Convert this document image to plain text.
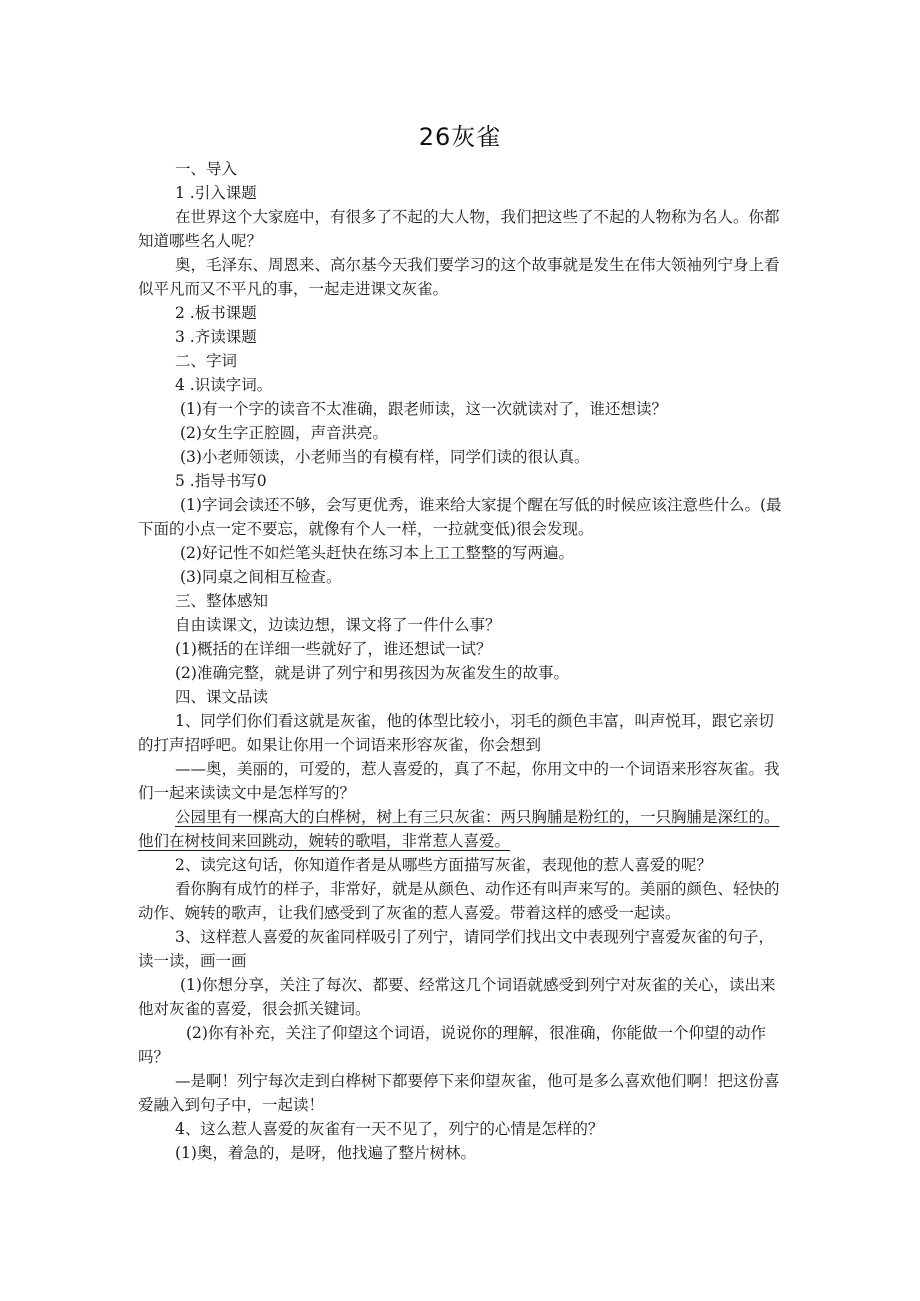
26灰雀

一、导入

1 .引入课题

在世界这个大家庭中，有很多了不起的大人物，我们把这些了不起的人物称为名人。你都知道哪些名人呢？

奥，毛泽东、周恩来、高尔基今天我们要学习的这个故事就是发生在伟大领袖列宁身上看似平凡而又不平凡的事，一起走进课文灰雀。

2 .板书课题

3 .齐读课题

二、字词

4 .识读字词。

(1)有一个字的读音不太准确，跟老师读，这一次就读对了，谁还想读？

(2)女生字正腔圆，声音洪亮。

(3)小老师领读，小老师当的有模有样，同学们读的很认真。

5 .指导书写0

(1)字词会读还不够，会写更优秀，谁来给大家提个醒在写低的时候应该注意些什么。(最下面的小点一定不要忘，就像有个人一样，一拉就变低)很会发现。

(2)好记性不如烂笔头赶快在练习本上工工整整的写两遍。

(3)同桌之间相互检查。

三、整体感知

自由读课文，边读边想，课文将了一件什么事？

(1)概括的在详细一些就好了，谁还想试一试？

(2)准确完整，就是讲了列宁和男孩因为灰雀发生的故事。

四、课文品读

1、同学们你们看这就是灰雀，他的体型比较小，羽毛的颜色丰富，叫声悦耳，跟它亲切的打声招呼吧。如果让你用一个词语来形容灰雀，你会想到

——奥，美丽的，可爱的，惹人喜爱的，真了不起，你用文中的一个词语来形容灰雀。我们一起来读读文中是怎样写的？

公园里有一棵高大的白桦树，树上有三只灰雀：两只胸脯是粉红的，一只胸脯是深红的。他们在树枝间来回跳动，婉转的歌唱，非常惹人喜爱。

2、读完这句话，你知道作者是从哪些方面描写灰雀，表现他的惹人喜爱的呢？

看你胸有成竹的样子，非常好，就是从颜色、动作还有叫声来写的。美丽的颜色、轻快的动作、婉转的歌声，让我们感受到了灰雀的惹人喜爱。带着这样的感受一起读。

3、这样惹人喜爱的灰雀同样吸引了列宁，请同学们找出文中表现列宁喜爱灰雀的句子，读一读，画一画

(1)你想分享，关注了每次、都要、经常这几个词语就感受到列宁对灰雀的关心，读出来他对灰雀的喜爱，很会抓关键词。

(2)你有补充，关注了仰望这个词语，说说你的理解，很准确，你能做一个仰望的动作吗？

—是啊！列宁每次走到白桦树下都要停下来仰望灰雀，他可是多么喜欢他们啊！把这份喜爱融入到句子中，一起读！

4、这么惹人喜爱的灰雀有一天不见了，列宁的心情是怎样的？

(1)奥，着急的，是呀，他找遍了整片树林。
